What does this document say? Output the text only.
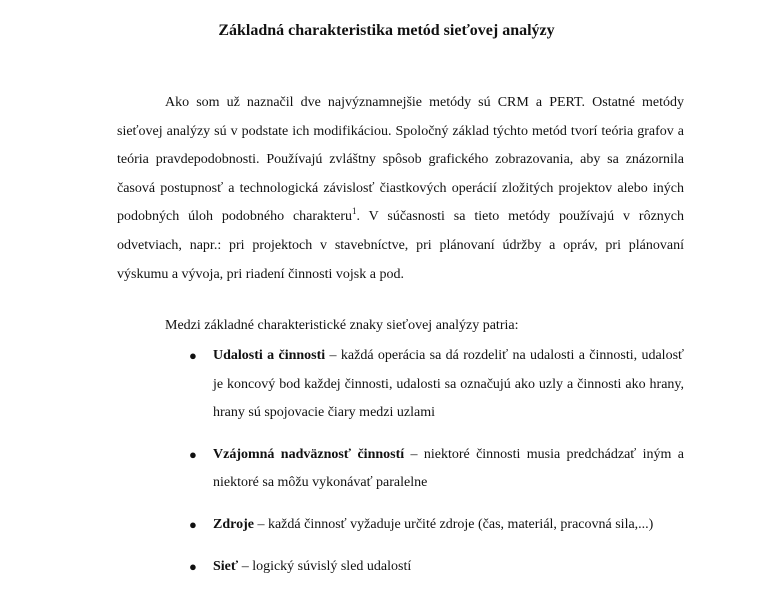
Základná charakteristika metód sieťovej analýzy

Ako som už naznačil dve najvýznamnejšie metódy sú CRM a PERT. Ostatné metódy sieťovej analýzy sú v podstate ich modifikáciou. Spoločný základ týchto metód tvorí teória grafov a teória pravdepodobnosti. Používajú zvláštny spôsob grafického zobrazovania, aby sa znázornila časová postupnosť a technologická závislosť čiastkových operácií zložitých projektov alebo iných podobných úloh podobného charakteru$^1$. V súčasnosti sa tieto metódy používajú v rôznych odvetviach, napr.: pri projektoch v stavebníctve, pri plánovaní údržby a opráv, pri plánovaní výskumu a vývoja, pri riadení činnosti vojsk a pod.

Medzi základné charakteristické znaky sieťovej analýzy patria:

● Udalosti a činnosti – každá operácia sa dá rozdeliť na udalosti a činnosti, udalosť je koncový bod každej činnosti, udalosti sa označujú ako uzly a činnosti ako hrany, hrany sú spojovacie čiary medzi uzlami
● Vzájomná nadväznosť činností – niektoré činnosti musia predchádzať iným a niektoré sa môžu vykonávať paralelne
● Zdroje – každá činnosť vyžaduje určité zdroje (čas, materiál, pracovná sila,...)
● Sieť – logický súvislý sled udalostí
